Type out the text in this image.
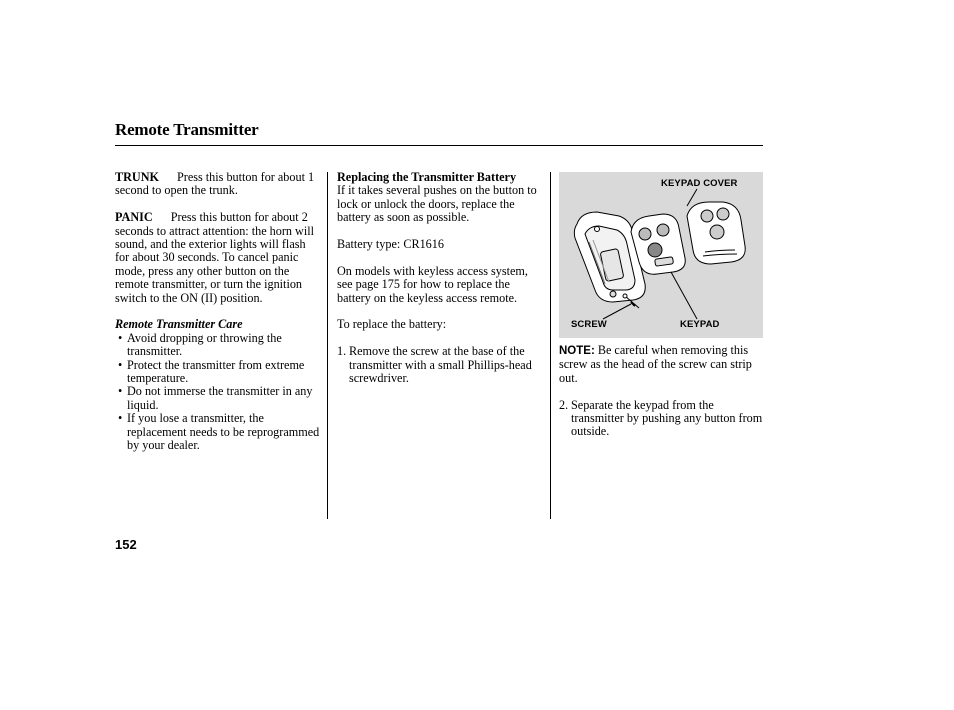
Remote Transmitter
TRUNK Press this button for about 1 second to open the trunk.
PANIC Press this button for about 2 seconds to attract attention: the horn will sound, and the exterior lights will flash for about 30 seconds. To cancel panic mode, press any other button on the remote transmitter, or turn the ignition switch to the ON (II) position.
Remote Transmitter Care
• Avoid dropping or throwing the transmitter.
• Protect the transmitter from extreme temperature.
• Do not immerse the transmitter in any liquid.
• If you lose a transmitter, the replacement needs to be reprogrammed by your dealer.
Replacing the Transmitter Battery
If it takes several pushes on the button to lock or unlock the doors, replace the battery as soon as possible.
Battery type: CR1616
On models with keyless access system, see page 175 for how to replace the battery on the keyless access remote.
To replace the battery:
1. Remove the screw at the base of the transmitter with a small Phillips-head screwdriver.
KEYPAD COVER
SCREW	KEYPAD
NOTE: Be careful when removing this screw as the head of the screw can strip out.
2. Separate the keypad from the transmitter by pushing any button from outside.
152
